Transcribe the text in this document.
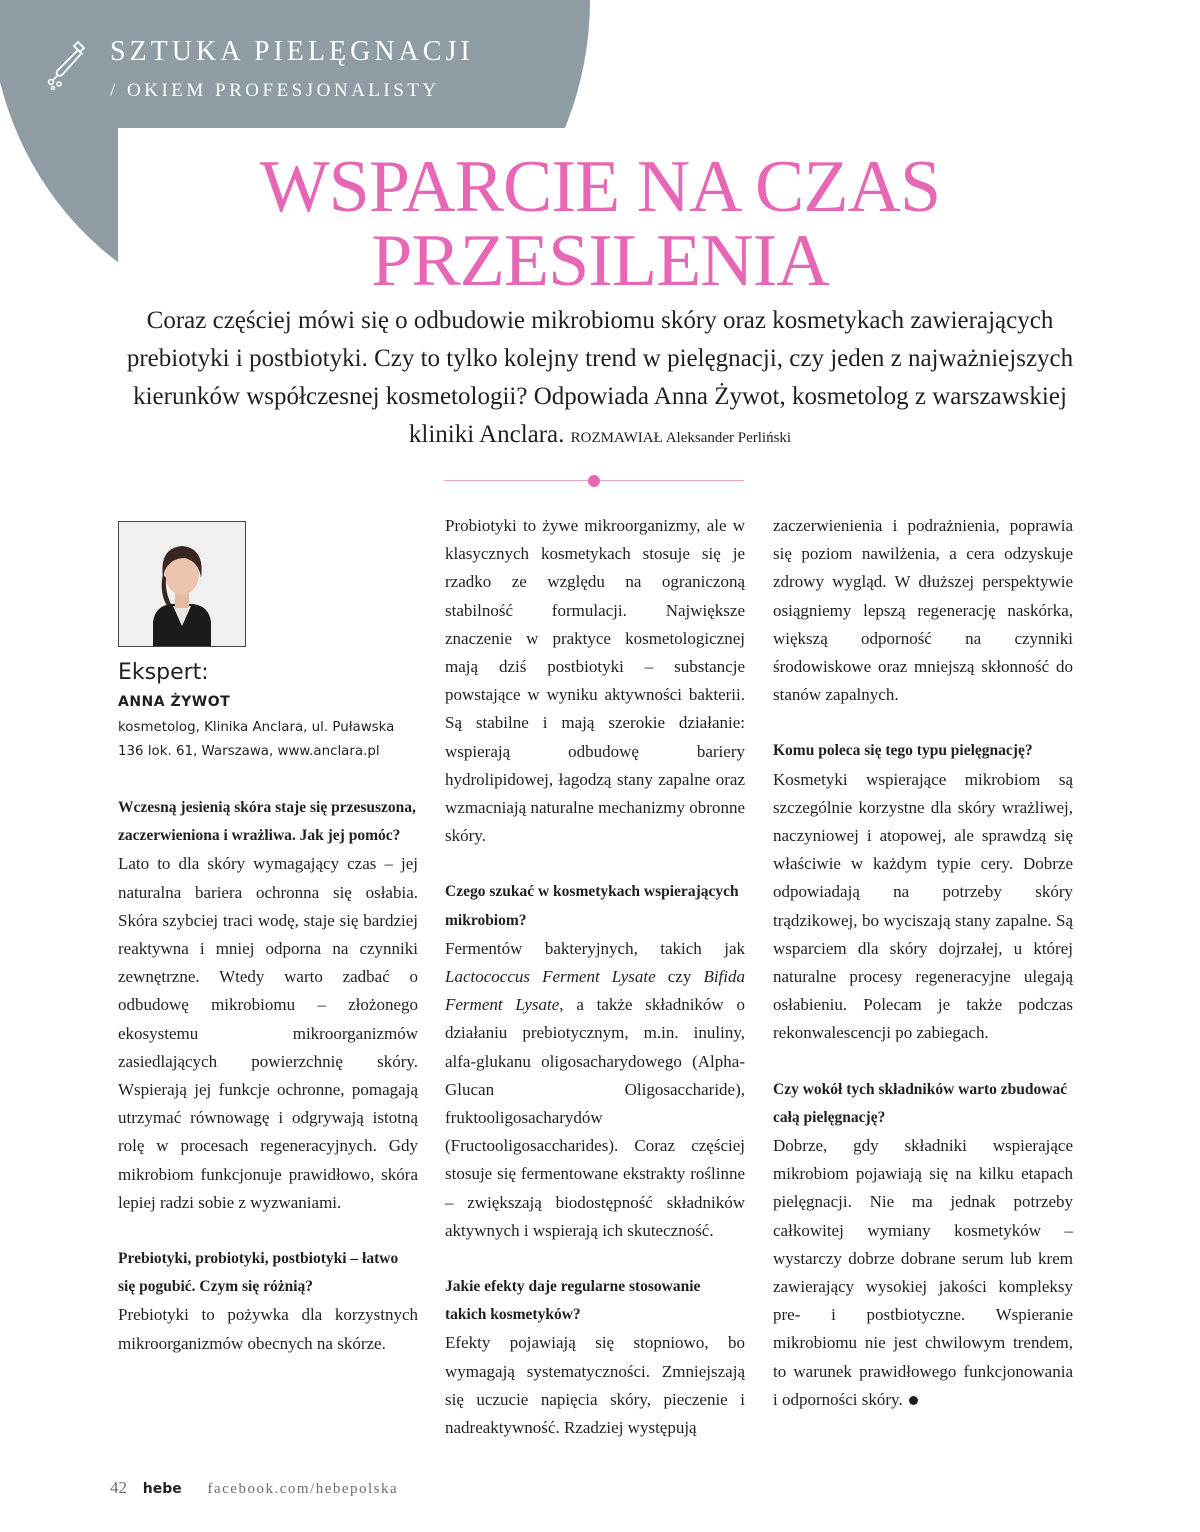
SZTUKA PIELĘGNACJI
/ OKIEM PROFESJONALISTY
WSPARCIE NA CZAS
PRZESILENIA

Coraz częściej mówi się o odbudowie mikrobiomu skóry oraz kosmetykach zawierających prebiotyki i postbiotyki. Czy to tylko kolejny trend w pielęgnacji, czy jeden z najważniejszych kierunków współczesnej kosmetologii? Odpowiada Anna Żywot, kosmetolog z warszawskiej kliniki Anclara. ROZMAWIAŁ Aleksander Perliński

Ekspert:
ANNA ŻYWOT

kosmetolog, Klinika Anclara, ul. Puławska 136 lok. 61, Warszawa, www.anclara.pl

Wczesną jesienią skóra staje się przesuszona, zaczerwieniona i wrażliwa. Jak jej pomóc?

Lato to dla skóry wymagający czas – jej naturalna bariera ochronna się osłabia. Skóra szybciej traci wodę, staje się bardziej reaktywna i mniej odporna na czynniki zewnętrzne. Wtedy warto zadbać o odbudowę mikrobiomu – złożonego ekosystemu mikroorganizmów zasiedlających powierzchnię skóry. Wspierają jej funkcje ochronne, pomagają utrzymać równowagę i odgrywają istotną rolę w procesach regeneracyjnych. Gdy mikrobiom funkcjonuje prawidłowo, skóra lepiej radzi sobie z wyzwaniami.

Prebiotyki, probiotyki, postbiotyki – łatwo się pogubić. Czym się różnią?

Prebiotyki to pożywka dla korzystnych mikroorganizmów obecnych na skórze.

Probiotyki to żywe mikroorganizmy, ale w klasycznych kosmetykach stosuje się je rzadko ze względu na ograniczoną stabilność formulacji. Największe znaczenie w praktyce kosmetologicznej mają dziś postbiotyki – substancje powstające w wyniku aktywności bakterii. Są stabilne i mają szerokie działanie: wspierają odbudowę bariery hydrolipidowej, łagodzą stany zapalne oraz wzmacniają naturalne mechanizmy obronne skóry.

Czego szukać w kosmetykach wspierających mikrobiom?

Fermentów bakteryjnych, takich jak Lactococcus Ferment Lysate czy Bifida Ferment Lysate, a także składników o działaniu prebiotycznym, m.in. inuliny, alfa-glukanu oligosacharydowego (Alpha-Glucan Oligosaccharide), fruktooligosacharydów (Fructooligosaccharides). Coraz częściej stosuje się fermentowane ekstrakty roślinne – zwiększają biodostępność składników aktywnych i wspierają ich skuteczność.

Jakie efekty daje regularne stosowanie takich kosmetyków?

Efekty pojawiają się stopniowo, bo wymagają systematyczności. Zmniejszają się uczucie napięcia skóry, pieczenie i nadreaktywność. Rzadziej występują

zaczerwienienia i podrażnienia, poprawia się poziom nawilżenia, a cera odzyskuje zdrowy wygląd. W dłuższej perspektywie osiągniemy lepszą regenerację naskórka, większą odporność na czynniki środowiskowe oraz mniejszą skłonność do stanów zapalnych.

Komu poleca się tego typu pielęgnację?

Kosmetyki wspierające mikrobiom są szczególnie korzystne dla skóry wrażliwej, naczyniowej i atopowej, ale sprawdzą się właściwie w każdym typie cery. Dobrze odpowiadają na potrzeby skóry trądzikowej, bo wyciszają stany zapalne. Są wsparciem dla skóry dojrzałej, u której naturalne procesy regeneracyjne ulegają osłabieniu. Polecam je także podczas rekonwalescencji po zabiegach.

Czy wokół tych składników warto zbudować całą pielęgnację?

Dobrze, gdy składniki wspierające mikrobiom pojawiają się na kilku etapach pielęgnacji. Nie ma jednak potrzeby całkowitej wymiany kosmetyków – wystarczy dobrze dobrane serum lub krem zawierający wysokiej jakości kompleksy pre- i postbiotyczne. Wspieranie mikrobiomu nie jest chwilowym trendem, to warunek prawidłowego funkcjonowania i odporności skóry.

42 hebe facebook.com/hebepolska
